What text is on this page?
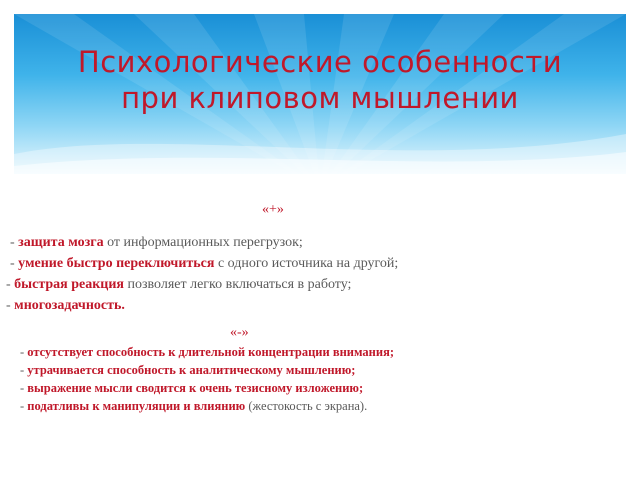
Психологические особенности
при клиповом мышлении
«+»
- защита мозга от информационных перегрузок;
- умение быстро переключиться с одного источника на другой;
- быстрая реакция позволяет легко включаться в работу;
- многозадачность.
«-»
- отсутствует способность к длительной концентрации внимания;
- утрачивается способность к аналитическому мышлению;
- выражение мысли сводится к очень тезисному изложению;
- податливы к манипуляции и влиянию (жестокость с экрана).
